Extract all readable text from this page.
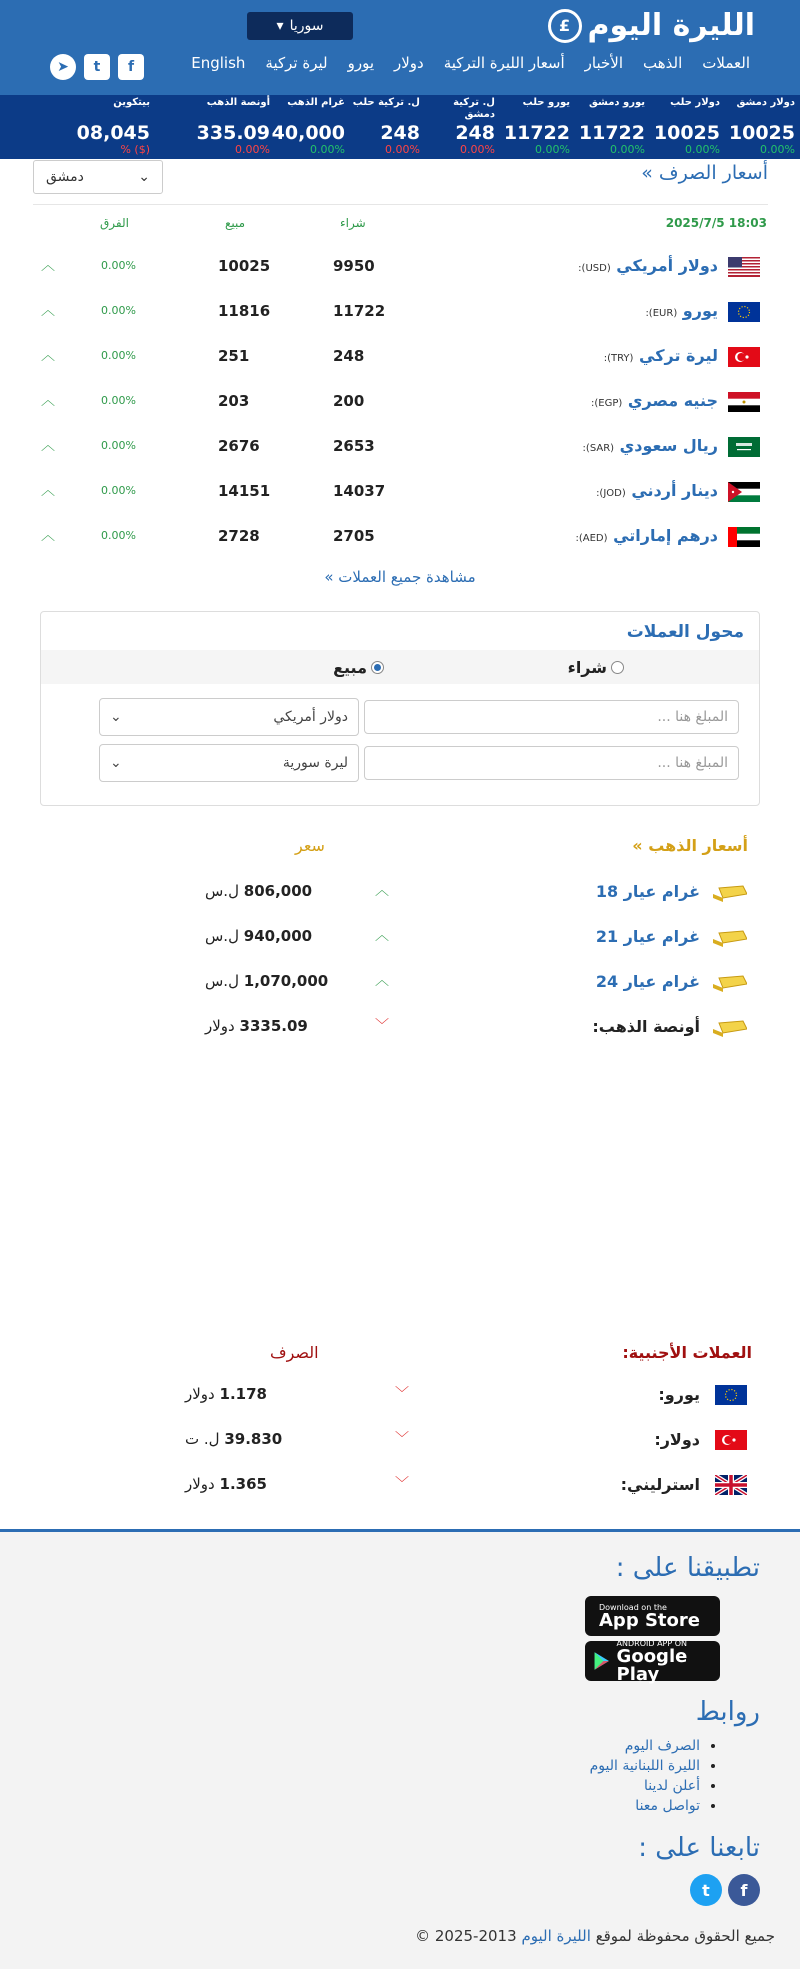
الليرة اليوم
£
سوريا
▾
العملات
الذهب
الأخبار
أسعار الليرة التركية
دولار
يورو
ليرة تركية
English
➤	t	f
دولار دمشق
10025
0.00%
دولار حلب
10025
0.00%
يورو دمشق
11722
0.00%
يورو حلب
11722
0.00%
ل. تركية دمشق
248
0.00%
ل. تركية حلب
248
0.00%
غرام الذهب
40,000
0.00%
أونصة الذهب
335.09
0.00%
بيتكوين
08,045
($) %
أسعار الصرف »
⌄
دمشق
2025/7/5 18:03
شراء
مبيع
الفرق
دولار أمريكي (USD):
9950
10025
0.00%
︿
يورو (EUR):
11722
11816
0.00%
︿
ليرة تركي (TRY):
248
251
0.00%
︿
جنيه مصري (EGP):
200
203
0.00%
︿
ريال سعودي (SAR):
2653
2676
0.00%
︿
دينار أردني (JOD):
14037
14151
0.00%
︿
درهم إماراتي (AED):
2705
2728
0.00%
︿
مشاهدة جميع العملات »
محول العملات
شراء
مبيع
المبلغ هنا ...
دولار أمريكي
⌄
المبلغ هنا ...
ليرة سورية
⌄
أسعار الذهب »
سعر
غرام عيار 18
︿
806,000 ل.س
غرام عيار 21
︿
940,000 ل.س
غرام عيار 24
︿
1,070,000 ل.س
أونصة الذهب:
﹀
3335.09 دولار
العملات الأجنبية:
الصرف
يورو:
﹀
1.178 دولار
دولار:
﹀
39.830 ل. ت
استرليني:
﹀
1.365 دولار
تطبيقنا على :
Download on the
App Store
ANDROID APP ON
Google Play
روابط
• الصرف اليوم
• الليرة اللبنانية اليوم
• أعلن لدينا
• تواصل معنا
تابعنا على :
f
t
جميع الحقوق محفوظة لموقع الليرة اليوم 2013-2025 ©
